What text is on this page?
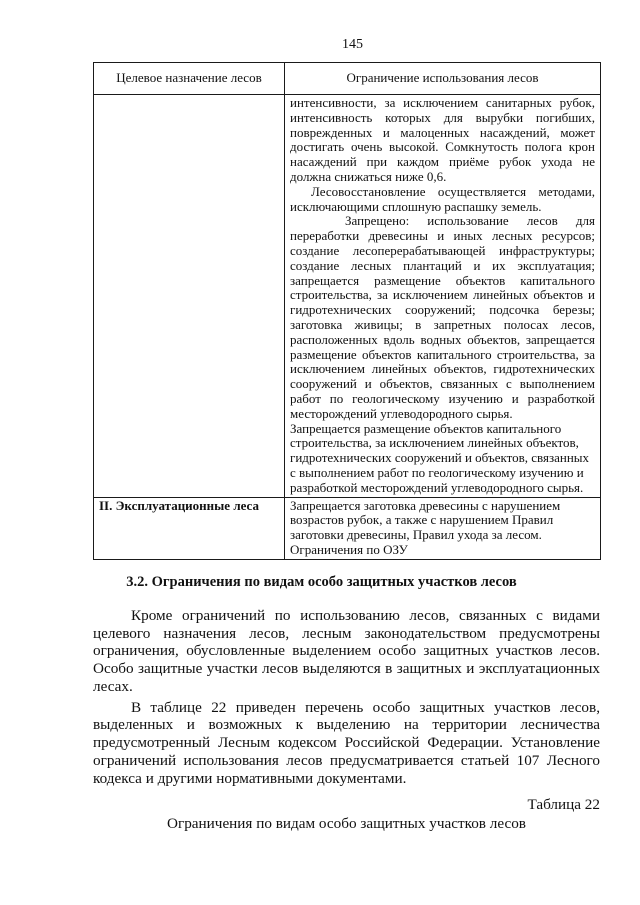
145
Целевое назначение лесов	Ограничение использования лесов

	интенсивности, за исключением санитарных рубок, интенсивность которых для вырубки погибших, поврежденных и малоценных насаждений, может достигать очень высокой. Сомкнутость полога крон насаждений при каждом приёме рубок ухода не должна снижаться ниже 0,6.

Лесовосстановление осуществляется методами, исключающими сплошную распашку земель.

Запрещено: использование лесов для переработки древесины и иных лесных ресурсов; создание лесоперерабатывающей инфраструктуры; создание лесных плантаций и их эксплуатация; запрещается размещение объектов капитального строительства, за исключением линейных объектов и гидротехнических сооружений; подсочка березы; заготовка живицы; в запретных полосах лесов, расположенных вдоль водных объектов, запрещается размещение объектов капитального строительства, за исключением линейных объектов, гидротехнических сооружений и объектов, связанных с выполнением работ по геологическому изучению и разработкой месторождений углеводородного сырья.

Запрещается размещение объектов капитального строительства, за исключением линейных объектов, гидротехнических сооружений и объектов, связанных с выполнением работ по геологическому изучению и разработкой месторождений углеводородного сырья.

II. Эксплуатационные леса	Запрещается заготовка древесины с нарушением возрастов рубок, а также с нарушением Правил заготовки древесины, Правил ухода за лесом.

Ограничения по ОЗУ

3.2. Ограничения по видам особо защитных участков лесов

Кроме ограничений по использованию лесов, связанных с видами целевого назначения лесов, лесным законодательством предусмотрены ограничения, обусловленные выделением особо защитных участков лесов. Особо защитные участки лесов выделяются в защитных и эксплуатационных лесах.

В таблице 22 приведен перечень особо защитных участков лесов, выделенных и возможных к выделению на территории лесничества предусмотренный Лесным кодексом Российской Федерации. Установление ограничений использования лесов предусматривается статьей 107 Лесного кодекса и другими нормативными документами.

Таблица 22
Ограничения по видам особо защитных участков лесов
